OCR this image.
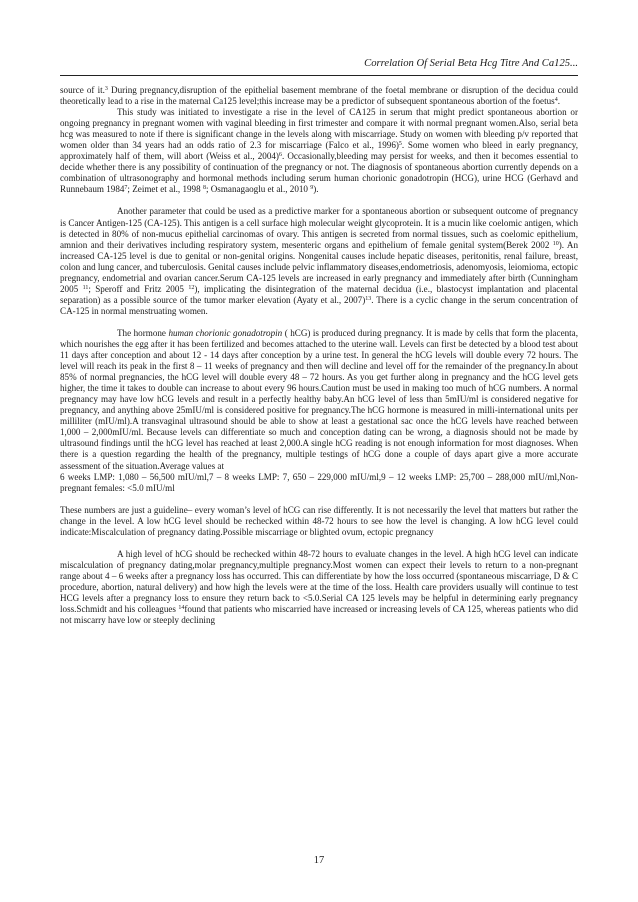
Correlation Of Serial Beta Hcg Titre And Ca125...

source of it.$^3$ During pregnancy,disruption of the epithelial basement membrane of the foetal membrane or disruption of the decidua could theoretically lead to a rise in the maternal Ca125 level;this increase may be a predictor of subsequent spontaneous abortion of the foetus$^4$.

This study was initiated to investigate a rise in the level of CA125 in serum that might predict spontaneous abortion or ongoing pregnancy in pregnant women with vaginal bleeding in first trimester and compare it with normal pregnant women.Also, serial beta hcg was measured to note if there is significant change in the levels along with miscarriage. Study on women with bleeding p/v reported that women older than 34 years had an odds ratio of 2.3 for miscarriage (Falco et al., 1996)$^5$. Some women who bleed in early pregnancy, approximately half of them, will abort (Weiss et al., 2004)$^6$. Occasionally,bleeding may persist for weeks, and then it becomes essential to decide whether there is any possibility of continuation of the pregnancy or not. The diagnosis of spontaneous abortion currently depends on a combination of ultrasonography and hormonal methods including serum human chorionic gonadotropin (HCG), urine HCG (Gerhavd and Runnebaum 1984$^7$; Zeimet et al., 1998 $^8$; Osmanagaoglu et al., 2010 $^9$).

Another parameter that could be used as a predictive marker for a spontaneous abortion or subsequent outcome of pregnancy is Cancer Antigen-125 (CA-125). This antigen is a cell surface high molecular weight glycoprotein. It is a mucin like coelomic antigen, which is detected in 80% of non-mucus epithelial carcinomas of ovary. This antigen is secreted from normal tissues, such as coelomic epithelium, amnion and their derivatives including respiratory system, mesenteric organs and epithelium of female genital system(Berek 2002 $^{10}$). An increased CA-125 level is due to genital or non-genital origins. Nongenital causes include hepatic diseases, peritonitis, renal failure, breast, colon and lung cancer, and tuberculosis. Genital causes include pelvic inflammatory diseases,endometriosis, adenomyosis, leiomioma, ectopic pregnancy, endometrial and ovarian cancer.Serum CA-125 levels are increased in early pregnancy and immediately after birth (Cunningham 2005 $^{11}$; Speroff and Fritz 2005 $^{12}$), implicating the disintegration of the maternal decidua (i.e., blastocyst implantation and placental separation) as a possible source of the tumor marker elevation (Ayaty et al., 2007)$^{13}$. There is a cyclic change in the serum concentration of CA-125 in normal menstruating women.

The hormone human chorionic gonadotropin ( hCG) is produced during pregnancy. It is made by cells that form the placenta, which nourishes the egg after it has been fertilized and becomes attached to the uterine wall. Levels can first be detected by a blood test about 11 days after conception and about 12 - 14 days after conception by a urine test. In general the hCG levels will double every 72 hours. The level will reach its peak in the first 8 – 11 weeks of pregnancy and then will decline and level off for the remainder of the pregnancy.In about 85% of normal pregnancies, the hCG level will double every 48 – 72 hours. As you get further along in pregnancy and the hCG level gets higher, the time it takes to double can increase to about every 96 hours.Caution must be used in making too much of hCG numbers. A normal pregnancy may have low hCG levels and result in a perfectly healthy baby.An hCG level of less than 5mIU/ml is considered negative for pregnancy, and anything above 25mIU/ml is considered positive for pregnancy.The hCG hormone is measured in milli-international units per milliliter (mIU/ml).A transvaginal ultrasound should be able to show at least a gestational sac once the hCG levels have reached between 1,000 – 2,000mIU/ml. Because levels can differentiate so much and conception dating can be wrong, a diagnosis should not be made by ultrasound findings until the hCG level has reached at least 2,000.A single hCG reading is not enough information for most diagnoses. When there is a question regarding the health of the pregnancy, multiple testings of hCG done a couple of days apart give a more accurate assessment of the situation.Average values at

6 weeks LMP: 1,080 – 56,500 mIU/ml,7 – 8 weeks LMP: 7, 650 – 229,000 mIU/ml,9 – 12 weeks LMP: 25,700 – 288,000 mIU/ml,Non-pregnant females: <5.0 mIU/ml

These numbers are just a guideline– every woman’s level of hCG can rise differently. It is not necessarily the level that matters but rather the change in the level. A low hCG level should be rechecked within 48-72 hours to see how the level is changing. A low hCG level could indicate:Miscalculation of pregnancy dating.Possible miscarriage or blighted ovum, ectopic pregnancy

A high level of hCG should be rechecked within 48-72 hours to evaluate changes in the level. A high hCG level can indicate miscalculation of pregnancy dating,molar pregnancy,multiple pregnancy.Most women can expect their levels to return to a non-pregnant range about 4 – 6 weeks after a pregnancy loss has occurred. This can differentiate by how the loss occurred (spontaneous miscarriage, D & C procedure, abortion, natural delivery) and how high the levels were at the time of the loss. Health care providers usually will continue to test HCG levels after a pregnancy loss to ensure they return back to <5.0.Serial CA 125 levels may be helpful in determining early pregnancy loss.Schmidt and his colleagues $^{14}$found that patients who miscarried have increased or increasing levels of CA 125, whereas patients who did not miscarry have low or steeply declining

17
